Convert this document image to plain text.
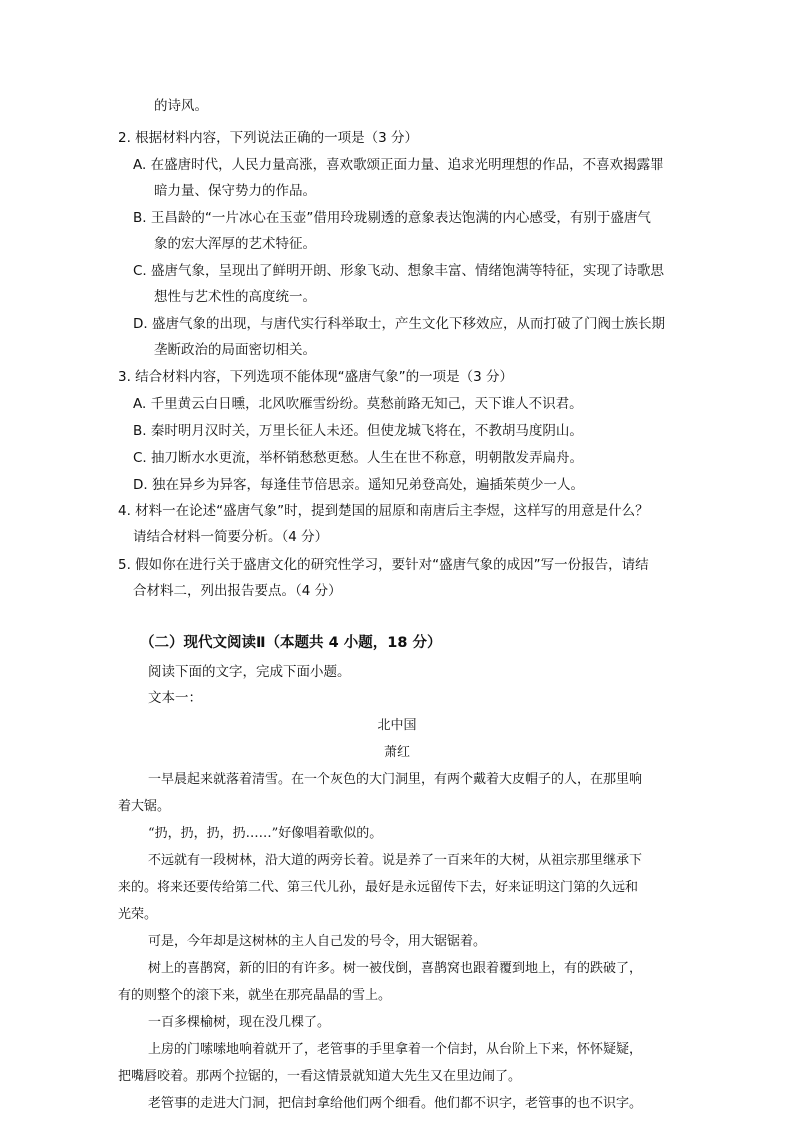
的诗风。
2. 根据材料内容，下列说法正确的一项是（3 分）
A. 在盛唐时代，人民力量高涨，喜欢歌颂正面力量、追求光明理想的作品，不喜欢揭露罪
暗力量、保守势力的作品。
B. 王昌龄的“一片冰心在玉壶”借用玲珑剔透的意象表达饱满的内心感受，有别于盛唐气
象的宏大浑厚的艺术特征。
C. 盛唐气象，呈现出了鲜明开朗、形象飞动、想象丰富、情绪饱满等特征，实现了诗歌思
想性与艺术性的高度统一。
D. 盛唐气象的出现，与唐代实行科举取士，产生文化下移效应，从而打破了门阀士族长期
垄断政治的局面密切相关。
3. 结合材料内容，下列选项不能体现“盛唐气象”的一项是（3 分）
A. 千里黄云白日曛，北风吹雁雪纷纷。莫愁前路无知己，天下谁人不识君。
B. 秦时明月汉时关，万里长征人未还。但使龙城飞将在，不教胡马度阴山。
C. 抽刀断水水更流，举杯销愁愁更愁。人生在世不称意，明朝散发弄扁舟。
D. 独在异乡为异客，每逢佳节倍思亲。遥知兄弟登高处，遍插茱萸少一人。
4. 材料一在论述“盛唐气象”时，提到楚国的屈原和南唐后主李煜，这样写的用意是什么？
请结合材料一简要分析。（4 分）
5. 假如你在进行关于盛唐文化的研究性学习，要针对“盛唐气象的成因”写一份报告，请结
合材料二，列出报告要点。（4 分）
（二）现代文阅读Ⅱ（本题共 4 小题，18 分）
阅读下面的文字，完成下面小题。
文本一：
北中国
萧红
一早晨起来就落着清雪。在一个灰色的大门洞里，有两个戴着大皮帽子的人，在那里响
着大锯。
“扔，扔，扔，扔……”好像唱着歌似的。
不远就有一段树林，沿大道的两旁长着。说是养了一百来年的大树，从祖宗那里继承下
来的。将来还要传给第二代、第三代儿孙，最好是永远留传下去，好来证明这门第的久远和
光荣。
可是，今年却是这树林的主人自己发的号令，用大锯锯着。
树上的喜鹊窝，新的旧的有许多。树一被伐倒，喜鹊窝也跟着覆到地上，有的跌破了，
有的则整个的滚下来，就坐在那亮晶晶的雪上。
一百多棵榆树，现在没几棵了。
上房的门嗦嗦地响着就开了，老管事的手里拿着一个信封，从台阶上下来，怀怀疑疑，
把嘴唇咬着。那两个拉锯的，一看这情景就知道大先生又在里边闹了。
老管事的走进大门洞，把信封拿给他们两个细看。他们都不识字，老管事的也不识字。
